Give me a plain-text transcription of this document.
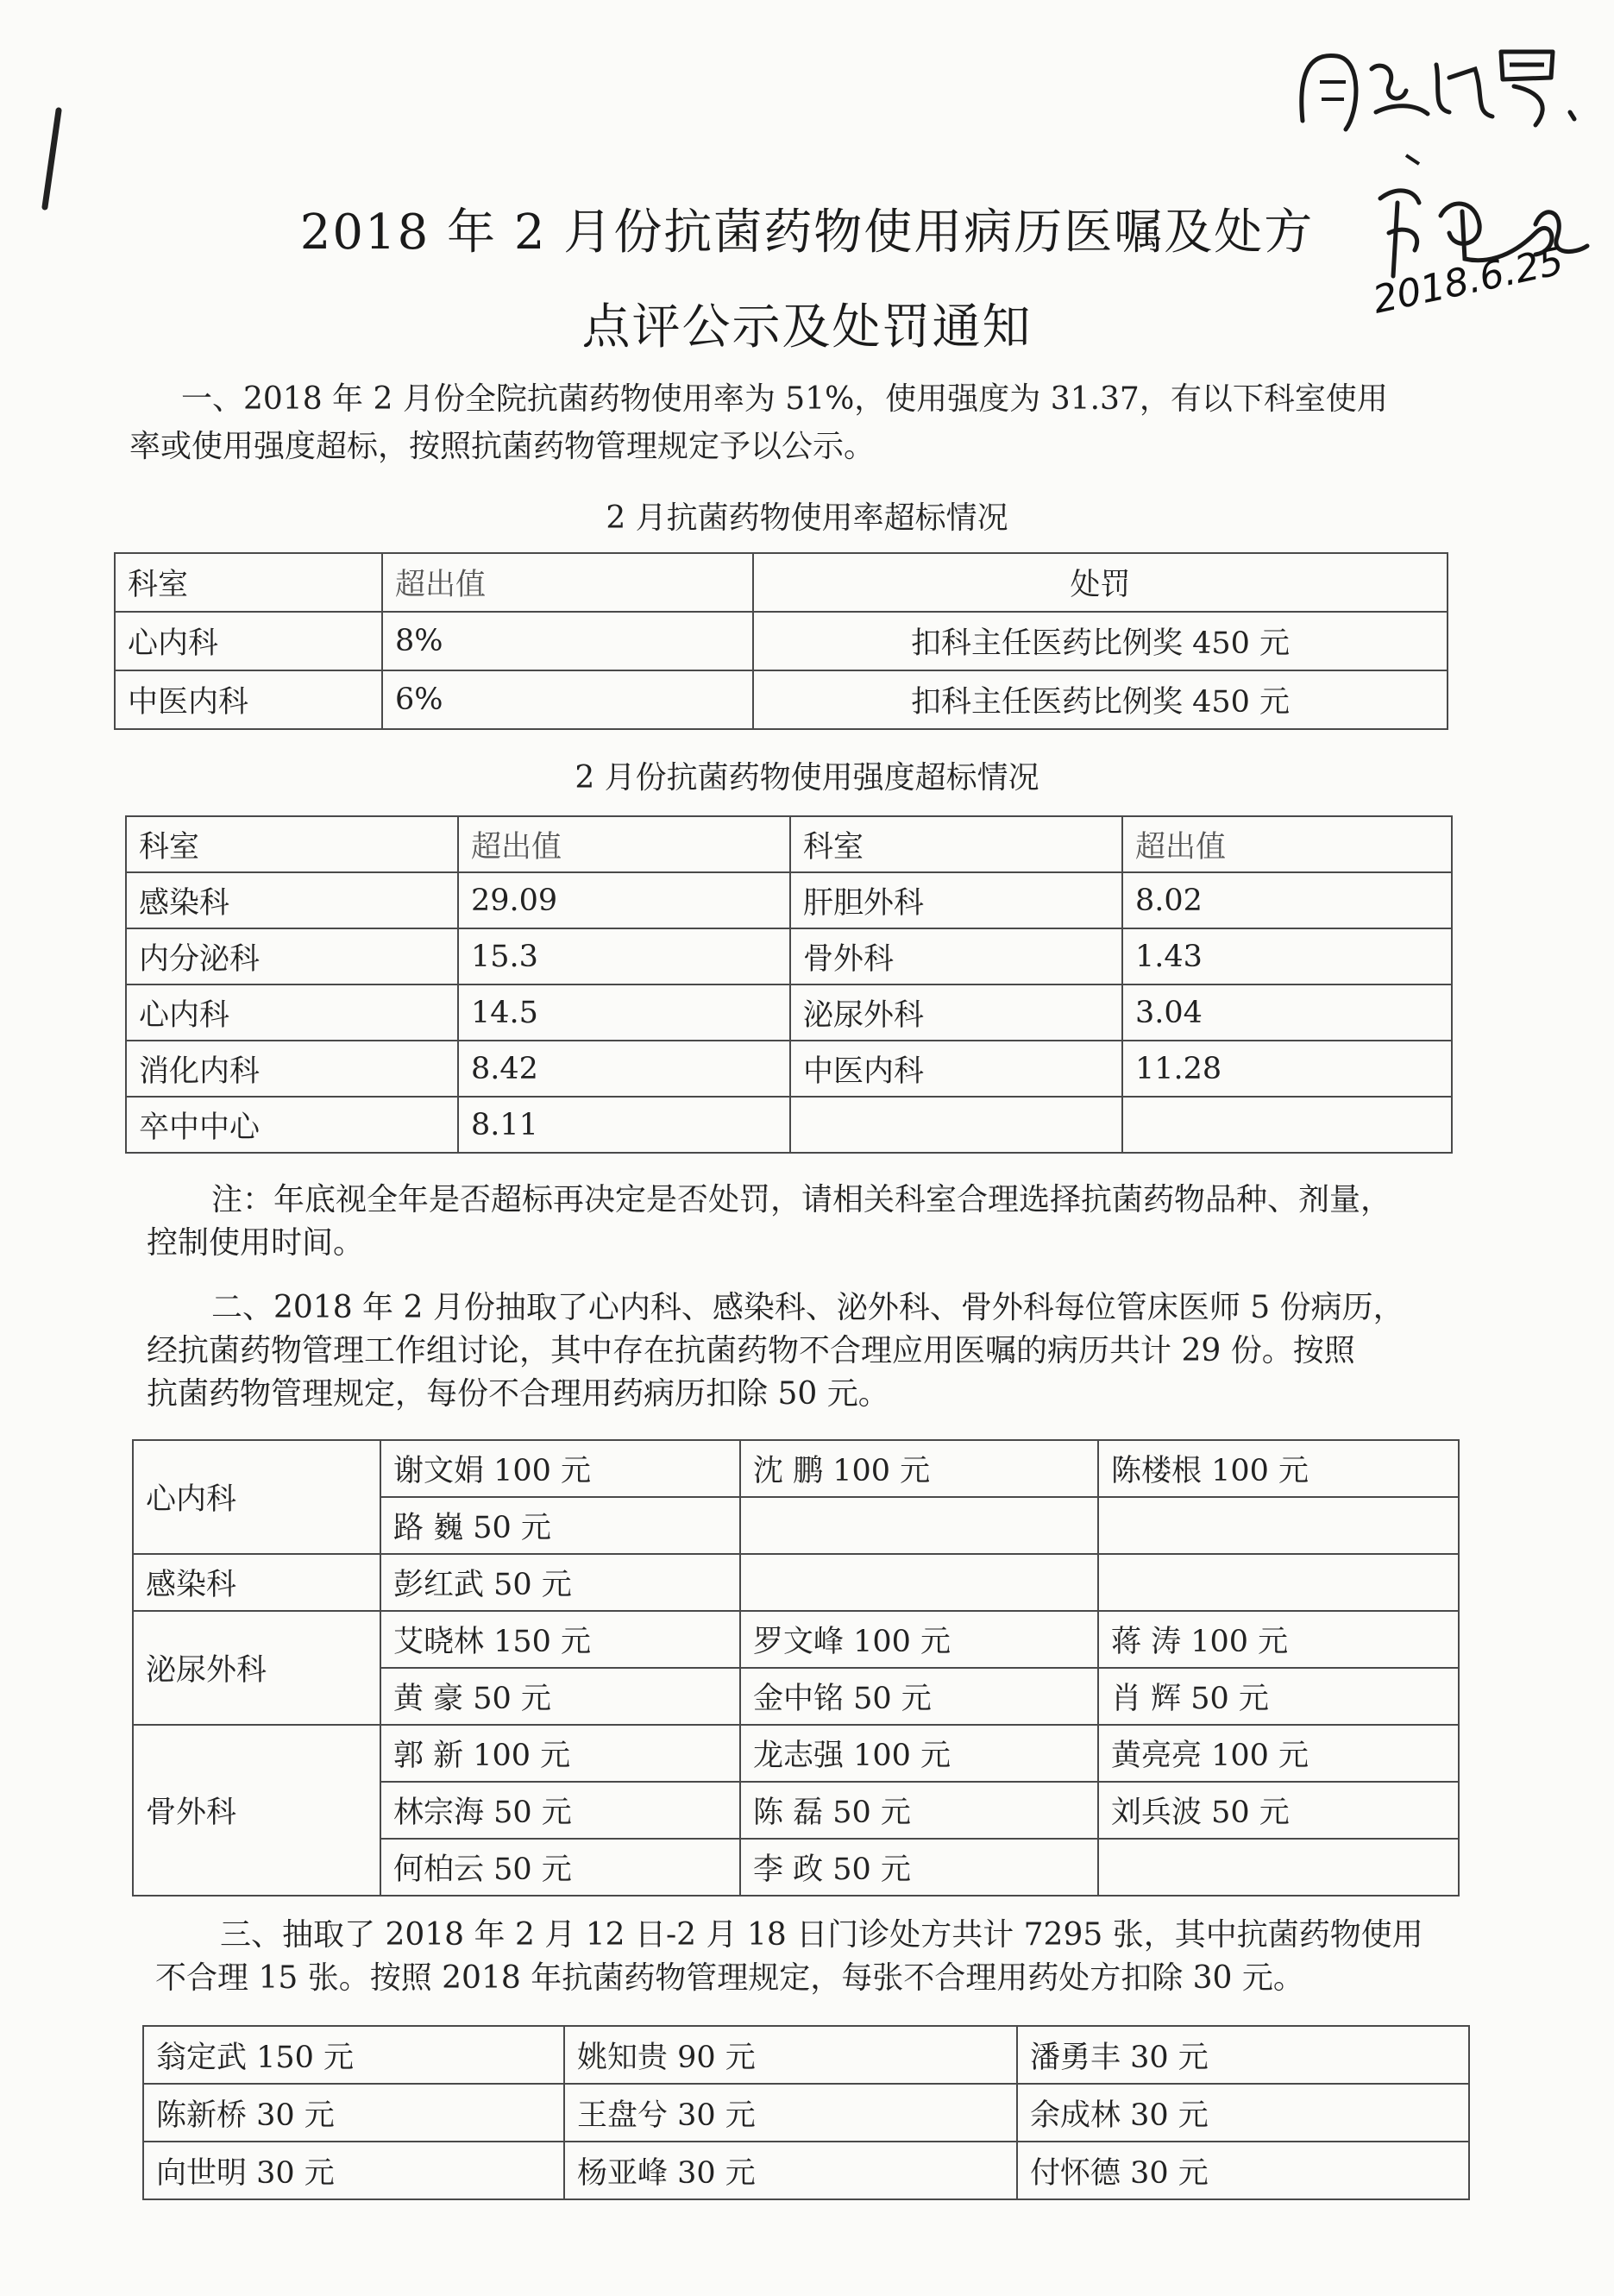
2018.6.25
2018 年 2 月份抗菌药物使用病历医嘱及处方
点评公示及处罚通知
一、2018 年 2 月份全院抗菌药物使用率为 51%，使用强度为 31.37，有以下科室使用
率或使用强度超标，按照抗菌药物管理规定予以公示。
2 月抗菌药物使用率超标情况
科室	超出值	处罚
心内科	8%	扣科主任医药比例奖 450 元
中医内科	6%	扣科主任医药比例奖 450 元
2 月份抗菌药物使用强度超标情况
科室	超出值	科室	超出值
感染科	29.09	肝胆外科	8.02
内分泌科	15.3	骨外科	1.43
心内科	14.5	泌尿外科	3.04
消化内科	8.42	中医内科	11.28
卒中中心	8.11		
注：年底视全年是否超标再决定是否处罚，请相关科室合理选择抗菌药物品种、剂量，
控制使用时间。
二、2018 年 2 月份抽取了心内科、感染科、泌外科、骨外科每位管床医师 5 份病历，
经抗菌药物管理工作组讨论，其中存在抗菌药物不合理应用医嘱的病历共计 29 份。按照
抗菌药物管理规定，每份不合理用药病历扣除 50 元。
心内科	谢文娟 100 元	沈 鹏 100 元	陈楼根 100 元
	路 巍 50 元		
感染科	彭红武 50 元		
泌尿外科	艾晓林 150 元	罗文峰 100 元	蒋 涛 100 元
	黄 豪 50 元	金中铭 50 元	肖 辉 50 元
骨外科	郭 新 100 元	龙志强 100 元	黄亮亮 100 元
	林宗海 50 元	陈 磊 50 元	刘兵波 50 元
	何柏云 50 元	李 政 50 元	
三、抽取了 2018 年 2 月 12 日-2 月 18 日门诊处方共计 7295 张，其中抗菌药物使用
不合理 15 张。按照 2018 年抗菌药物管理规定，每张不合理用药处方扣除 30 元。
翁定武 150 元	姚知贵 90 元	潘勇丰 30 元
陈新桥 30 元	王盘兮 30 元	余成林 30 元
向世明 30 元	杨亚峰 30 元	付怀德 30 元
